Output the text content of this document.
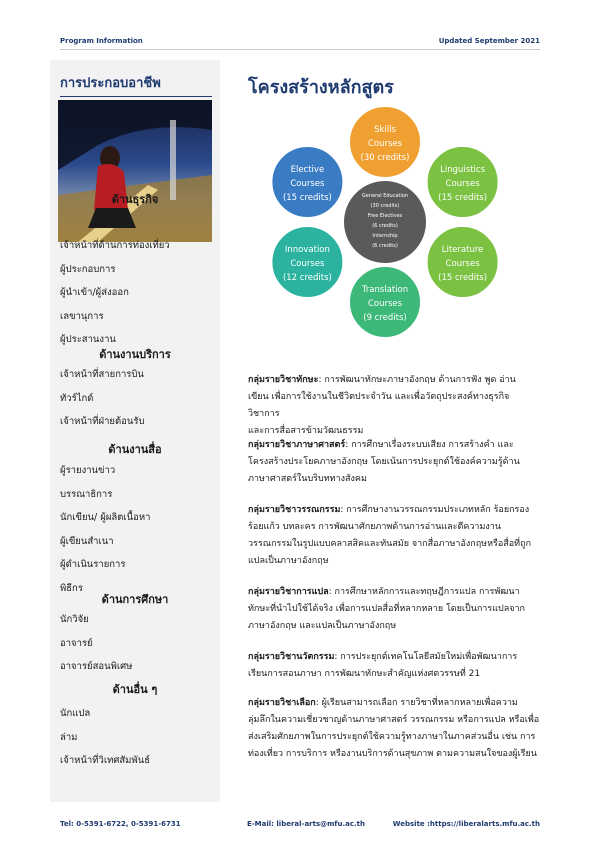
Program Information	Updated September 2021
การประกอบอาชีพ
ด้านธุรกิจ
เจ้าหน้าที่ด้านการท่องเที่ยว
ผู้ประกอบการ
ผู้นำเข้า/ผู้ส่งออก
เลขานุการ
ผู้ประสานงาน
ด้านงานบริการ
เจ้าหน้าที่สายการบิน
ทัวร์ไกด์
เจ้าหน้าที่ฝ่ายต้อนรับ
ด้านงานสื่อ
ผู้รายงานข่าว
บรรณาธิการ
นักเขียน/ ผู้ผลิตเนื้อหา
ผู้เขียนสำเนา
ผู้ดำเนินรายการ
พิธีกร
ด้านการศึกษา
นักวิจัย
อาจารย์
อาจารย์สอนพิเศษ
ด้านอื่น ๆ
นักแปล
ล่าม
เจ้าหน้าที่วิเทศสัมพันธ์
โครงสร้างหลักสูตร
General Education
(30 credits)
Free Electives
(6 credits)
Internship
(6 credits)
Skills
Courses
(30 credits)
Linguistics
Courses
(15 credits)
Literature
Courses
(15 credits)
Translation
Courses
(9 credits)
Innovation
Courses
(12 credits)
Elective
Courses
(15 credits)
กลุ่มรายวิชาทักษะ: การพัฒนาทักษะภาษาอังกฤษ ด้านการฟัง พูด อ่าน
เขียน เพื่อการใช้งานในชีวิตประจำวัน และเพื่อวัตถุประสงค์ทางธุรกิจ วิชาการ
และการสื่อสารข้ามวัฒนธรรม
กลุ่มรายวิชาภาษาศาสตร์: การศึกษาเรื่องระบบเสียง การสร้างคำ และ
โครงสร้างประโยคภาษาอังกฤษ โดยเน้นการประยุกต์ใช้องค์ความรู้ด้าน
ภาษาศาสตร์ในบริบททางสังคม
กลุ่มรายวิชาวรรณกรรม: การศึกษางานวรรณกรรมประเภทหลัก ร้อยกรอง
ร้อยแก้ว บทละคร การพัฒนาศักยภาพด้านการอ่านและตีความงาน
วรรณกรรมในรูปแบบคลาสสิคและทันสมัย จากสื่อภาษาอังกฤษหรือสื่อที่ถูก
แปลเป็นภาษาอังกฤษ
กลุ่มรายวิชาการแปล: การศึกษาหลักการและทฤษฎีการแปล การพัฒนา
ทักษะที่นำไปใช้ได้จริง เพื่อการแปลสื่อที่หลากหลาย โดยเป็นการแปลจาก
ภาษาอังกฤษ และแปลเป็นภาษาอังกฤษ
กลุ่มรายวิชานวัตกรรม: การประยุกต์เทคโนโลยีสมัยใหม่เพื่อพัฒนาการ
เรียนการสอนภาษา การพัฒนาทักษะสำคัญแห่งศตวรรษที่ 21
กลุ่มรายวิชาเลือก: ผู้เรียนสามารถเลือก รายวิชาที่หลากหลายเพื่อความ
ลุ่มลึกในความเชี่ยวชาญด้านภาษาศาสตร์ วรรณกรรม หรือการแปล หรือเพื่อ
ส่งเสริมศักยภาพในการประยุกต์ใช้ความรู้ทางภาษาในภาคส่วนอื่น เช่น การ
ท่องเที่ยว การบริการ หรืองานบริการด้านสุขภาพ ตามความสนใจของผู้เรียน
Tel: 0-5391-6722, 0-5391-6731	E-Mail: liberal-arts@mfu.ac.th	Website :https://liberalarts.mfu.ac.th
